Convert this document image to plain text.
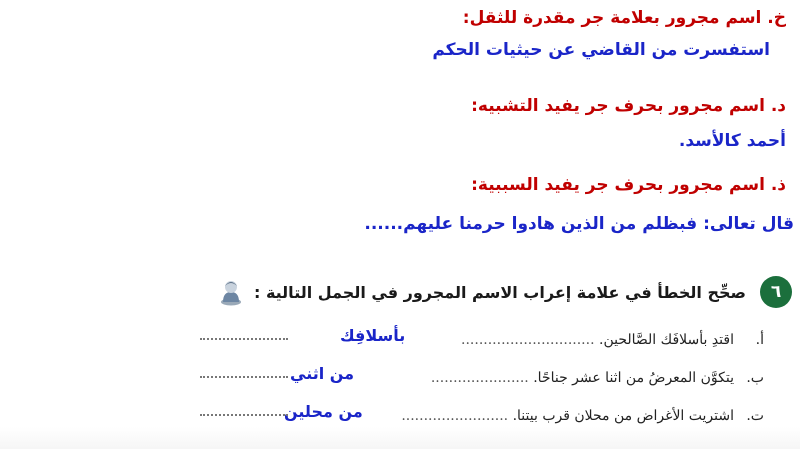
خ. اسم مجرور بعلامة جر مقدرة للثقل:
استفسرت من القاضي عن حيثيات الحكم
د. اسم مجرور بحرف جر يفيد التشبيه:
أحمد كالأسد.
ذ. اسم مجرور بحرف جر يفيد السببية:
قال تعالى: فبظلم من الذين هادوا حرمنا عليهم......
٦
صحِّح الخطأ في علامة إعراب الاسم المجرور في الجمل التالية :
أ.
اقتدِ بأسلافَك الصَّالحين. ..............................
بأسلافِك
ب.
يتكوَّن المعرضُ من اثنا عشر جناحًا. ......................
من اثني
ت.
اشتريت الأغراض من محلان قرب بيتنا. ........................
من محلين
